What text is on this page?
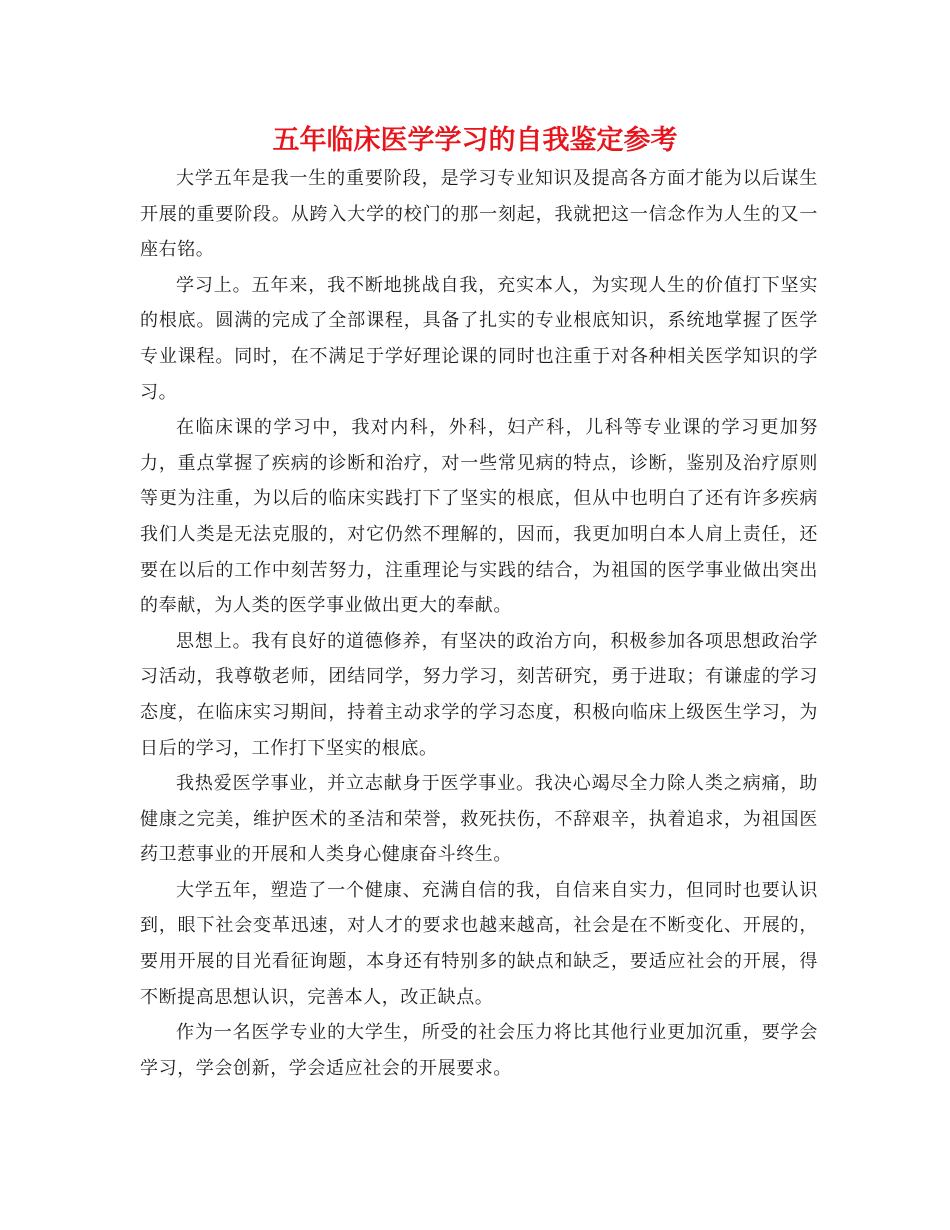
五年临床医学学习的自我鉴定参考

大学五年是我一生的重要阶段，是学习专业知识及提高各方面才能为以后谋生开展的重要阶段。从跨入大学的校门的那一刻起，我就把这一信念作为人生的又一座右铭。

学习上。五年来，我不断地挑战自我，充实本人，为实现人生的价值打下坚实的根底。圆满的完成了全部课程，具备了扎实的专业根底知识，系统地掌握了医学专业课程。同时，在不满足于学好理论课的同时也注重于对各种相关医学知识的学习。

在临床课的学习中，我对内科，外科，妇产科，儿科等专业课的学习更加努力，重点掌握了疾病的诊断和治疗，对一些常见病的特点，诊断，鉴别及治疗原则等更为注重，为以后的临床实践打下了坚实的根底，但从中也明白了还有许多疾病我们人类是无法克服的，对它仍然不理解的，因而，我更加明白本人肩上责任，还要在以后的工作中刻苦努力，注重理论与实践的结合，为祖国的医学事业做出突出的奉献，为人类的医学事业做出更大的奉献。

思想上。我有良好的道德修养，有坚决的政治方向，积极参加各项思想政治学习活动，我尊敬老师，团结同学，努力学习，刻苦研究，勇于进取；有谦虚的学习态度，在临床实习期间，持着主动求学的学习态度，积极向临床上级医生学习，为日后的学习，工作打下坚实的根底。

我热爱医学事业，并立志献身于医学事业。我决心竭尽全力除人类之病痛，助健康之完美，维护医术的圣洁和荣誉，救死扶伤，不辞艰辛，执着追求，为祖国医药卫惹事业的开展和人类身心健康奋斗终生。

大学五年，塑造了一个健康、充满自信的我，自信来自实力，但同时也要认识到，眼下社会变革迅速，对人才的要求也越来越高，社会是在不断变化、开展的，要用开展的目光看征询题，本身还有特别多的缺点和缺乏，要适应社会的开展，得不断提高思想认识，完善本人，改正缺点。

作为一名医学专业的大学生，所受的社会压力将比其他行业更加沉重，要学会学习，学会创新，学会适应社会的开展要求。
